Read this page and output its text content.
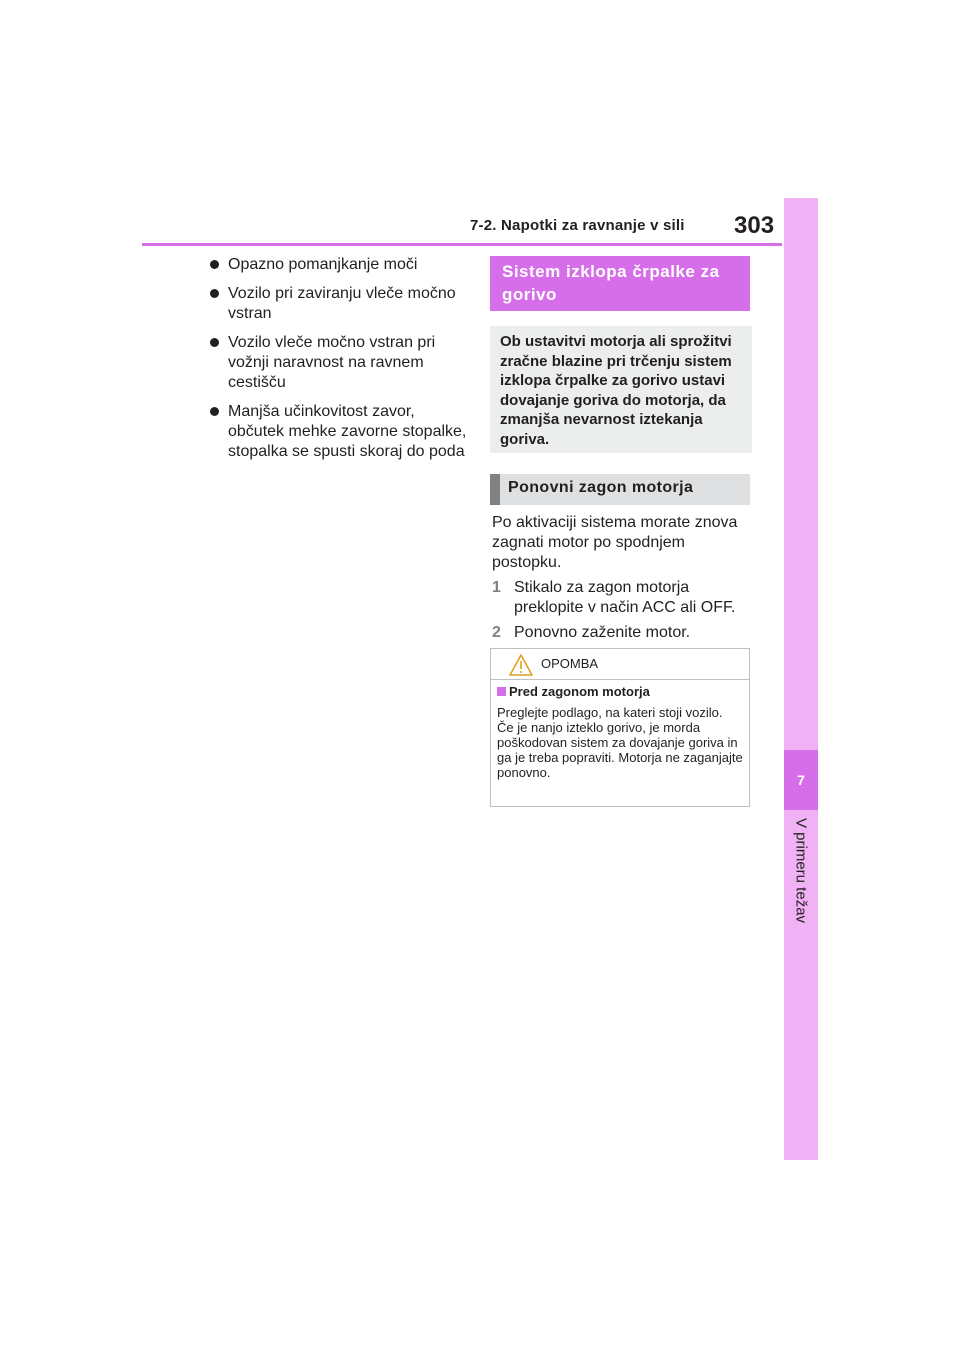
7-2. Napotki za ravnanje v sili	303
7
V primeru težav
Opazno pomanjkanje moči
Vozilo pri zaviranju vleče močno vstran
Vozilo vleče močno vstran pri vožnji naravnost na ravnem cestišču
Manjša učinkovitost zavor, občutek mehke zavorne stopalke, stopalka se spusti skoraj do poda
Sistem izklopa črpalke za gorivo
Ob ustavitvi motorja ali sprožitvi zračne blazine pri trčenju sistem izklopa črpalke za gorivo ustavi dovajanje goriva do motorja, da zmanjša nevarnost iztekanja goriva.
Ponovni zagon motorja
Po aktivaciji sistema morate znova zagnati motor po spodnjem postopku.
1 Stikalo za zagon motorja preklopite v način ACC ali OFF.
2 Ponovno zaženite motor.
OPOMBA
Pred zagonom motorja

Preglejte podlago, na kateri stoji vozilo.
Če je nanjo izteklo gorivo, je morda poškodovan sistem za dovajanje goriva in ga je treba popraviti. Motorja ne zaganjajte ponovno.
